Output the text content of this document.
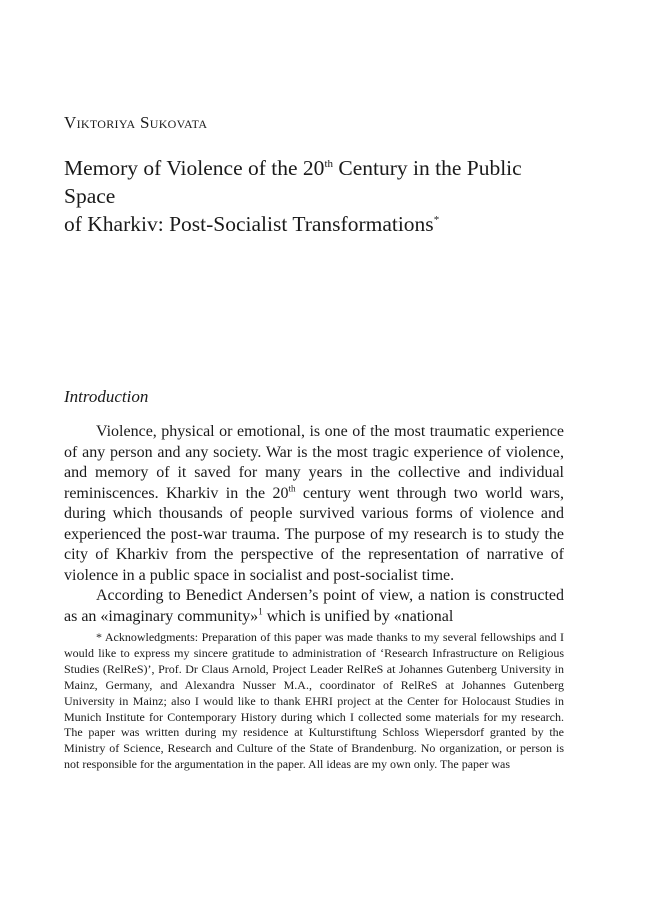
Viktoriya Sukovata
Memory of Violence of the 20th Century in the Public Space
of Kharkiv: Post-Socialist Transformations*
Introduction

Violence, physical or emotional, is one of the most traumatic experience of any person and any society. War is the most tragic experience of violence, and memory of it saved for many years in the collective and individual reminiscences. Kharkiv in the 20th century went through two world wars, during which thousands of people survived various forms of violence and experienced the post-war trauma. The purpose of my research is to study the city of Kharkiv from the perspective of the representation of narrative of violence in a public space in socialist and post-socialist time.

According to Benedict Andersen’s point of view, a nation is constructed as an «imaginary community»$^1$ which is unified by «national

* Acknowledgments: Preparation of this paper was made thanks to my several fellowships and I would like to express my sincere gratitude to administration of ‘Research Infrastructure on Religious Studies (RelReS)’, Prof. Dr Claus Arnold, Project Leader RelReS at Johannes Gutenberg University in Mainz, Germany, and Alexandra Nusser M.A., coordinator of RelReS at Johannes Gutenberg University in Mainz; also I would like to thank EHRI project at the Center for Holocaust Studies in Munich Institute for Contemporary History during which I collected some materials for my research. The paper was written during my residence at Kulturstiftung Schloss Wiepersdorf granted by the Ministry of Science, Research and Culture of the State of Brandenburg. No organization, or person is not responsible for the argumentation in the paper. All ideas are my own only. The paper was
